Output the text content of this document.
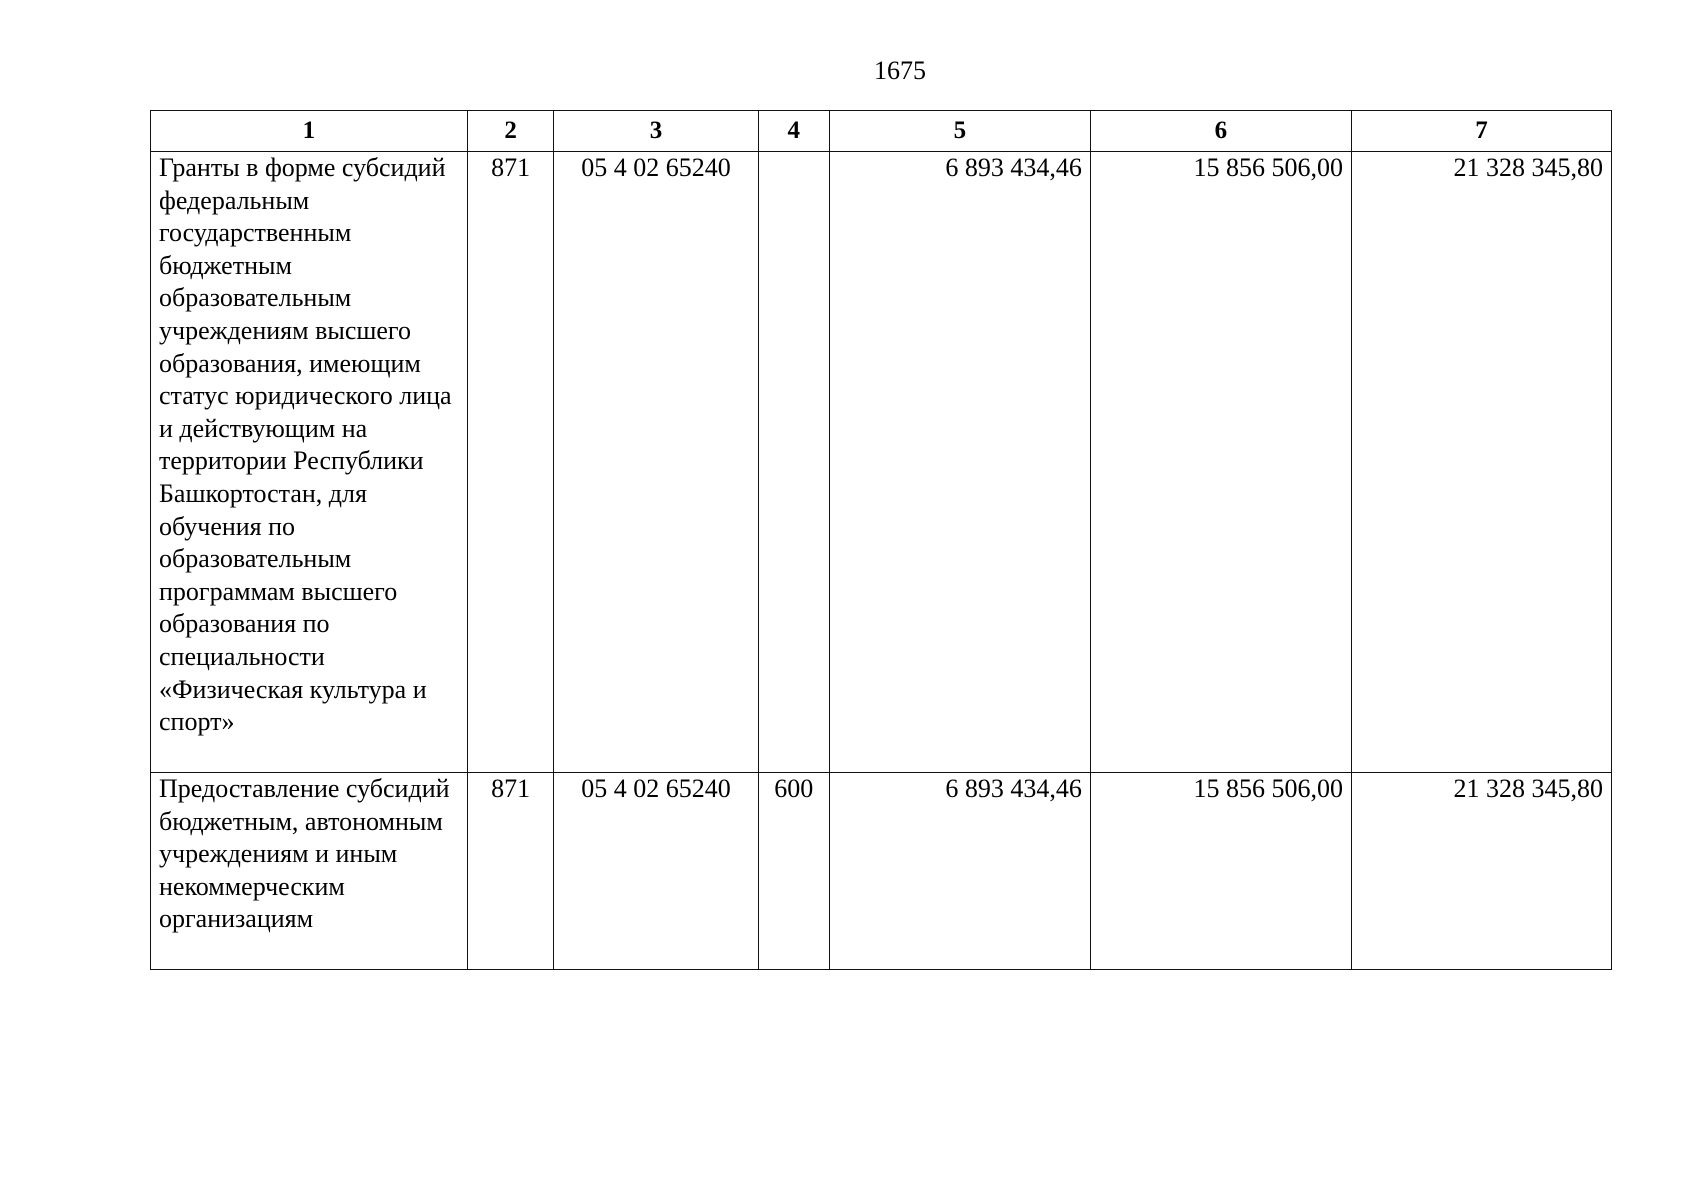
1675
1	2	3	4	5	6	7
Гранты в форме субсидий федеральным государственным бюджетным образовательным учреждениям высшего образования, имеющим статус юридического лица и действующим на территории Республики Башкортостан, для обучения по образовательным программам высшего образования по специальности «Физическая культура и спорт»	871	05 4 02 65240		6 893 434,46	15 856 506,00	21 328 345,80
Предоставление субсидий бюджетным, автономным учреждениям и иным некоммерческим организациям	871	05 4 02 65240	600	6 893 434,46	15 856 506,00	21 328 345,80
